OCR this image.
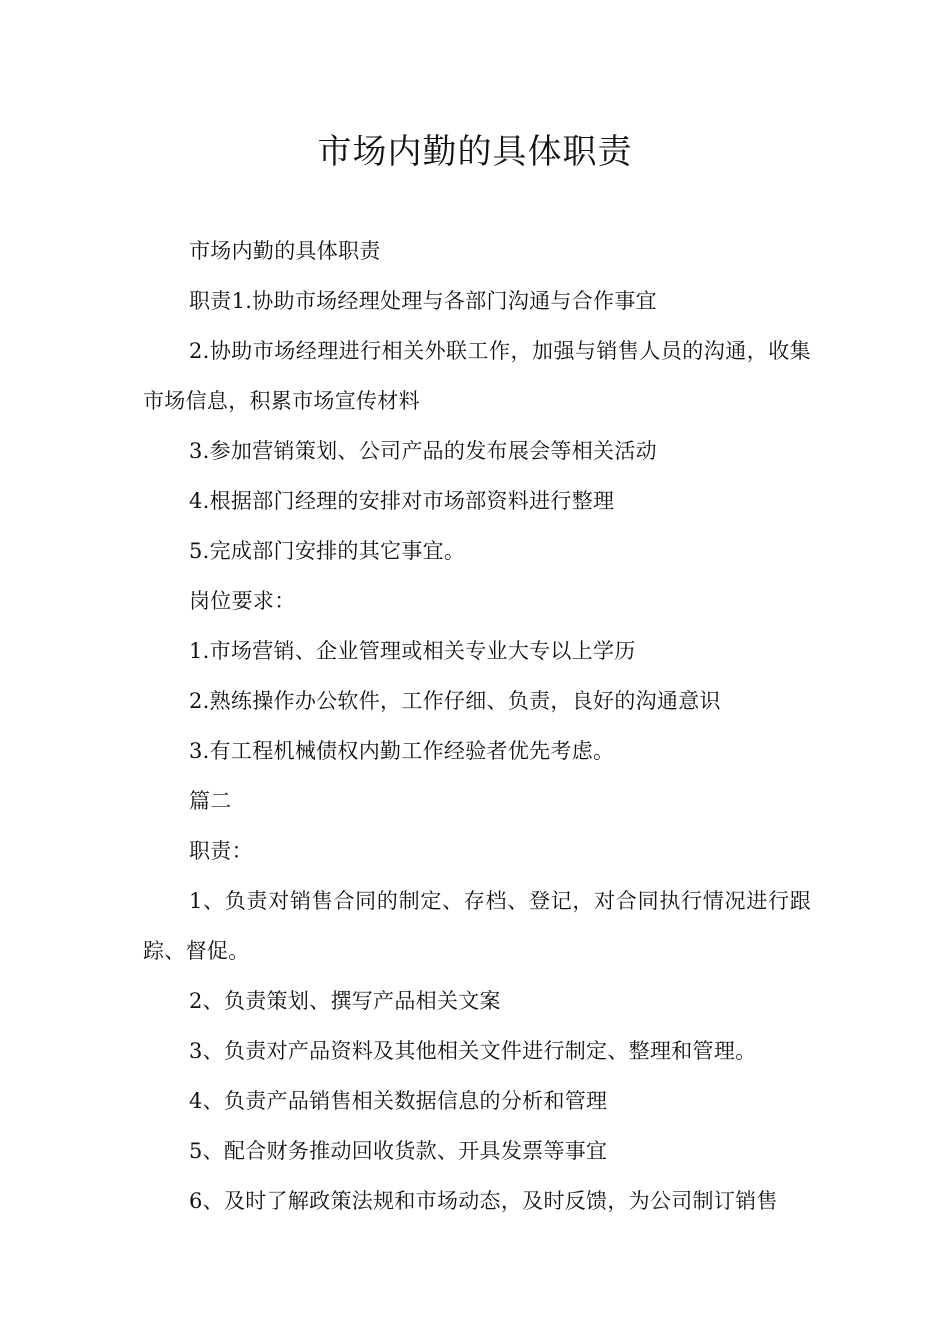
市场内勤的具体职责

市场内勤的具体职责

职责1.协助市场经理处理与各部门沟通与合作事宜

2.协助市场经理进行相关外联工作，加强与销售人员的沟通，收集市场信息，积累市场宣传材料

3.参加营销策划、公司产品的发布展会等相关活动

4.根据部门经理的安排对市场部资料进行整理

5.完成部门安排的其它事宜。

岗位要求：

1.市场营销、企业管理或相关专业大专以上学历

2.熟练操作办公软件，工作仔细、负责，良好的沟通意识

3.有工程机械债权内勤工作经验者优先考虑。

篇二

职责：

1、负责对销售合同的制定、存档、登记，对合同执行情况进行跟踪、督促。

2、负责策划、撰写产品相关文案

3、负责对产品资料及其他相关文件进行制定、整理和管理。

4、负责产品销售相关数据信息的分析和管理

5、配合财务推动回收货款、开具发票等事宜

6、及时了解政策法规和市场动态，及时反馈，为公司制订销售
